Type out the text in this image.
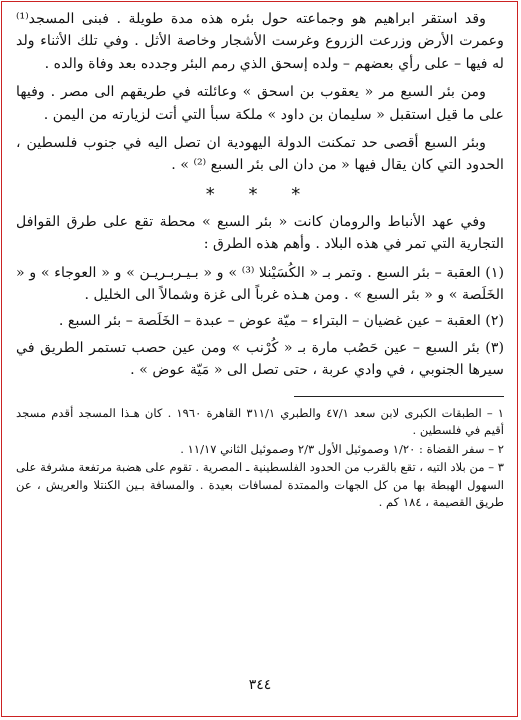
وقد استقر ابراهيم هو وجماعته حول بئره هذه مدة طويلة . فبنى المسجد⁽¹⁾ وعمرت الأرض وزرعت الزروع وغرست الأشجار وخاصة الأثل . وفي تلك الأثناء ولد له فيها – على رأي بعضهم – ولده إسحق الذي رمم البئر وجدده بعد وفاة والده .

ومن بئر السبع مر « يعقوب بن اسحق » وعائلته في طريقهم الى مصر . وفيها على ما قيل استقبل « سليمان بن داود » ملكة سبأ التي أتت لزيارته من اليمن .

وبئر السبع أقصى حد تمكنت الدولة اليهودية ان تصل اليه في جنوب فلسطين ، الحدود التي كان يقال فيها « من دان الى بئر السبع ⁽²⁾ » .

* * *

وفي عهد الأنباط والرومان كانت « بئر السبع » محطة تقع على طرق القوافل التجارية التي تمر في هذه البلاد . وأهم هذه الطرق :

(١) العقبة – بئر السبع . وتمر بـ « الكُسَيْنلا ⁽³⁾ » و « بـيـربـريـن » و « العوجاء » و « الخَلَصة » و « بئر السبع » . ومن هـذه غرباً الى غزة وشمالاً الى الخليل .

(٢) العقبة – عين غضيان – البتراء – ميّة عوض – عبدة – الخَلَصة – بئر السبع .

(٣) بئر السبع – عين حَصُب مارة بـ « كُرْنب » ومن عين حصب تستمر الطريق في سيرها الجنوبي ، في وادي عربة ، حتى تصل الى « مَيّة عوض » .

١ – الطبقات الكبرى لابن سعد ٤٧/١ والطبري ٣١١/١ القاهرة ١٩٦٠ . كان هـذا المسجد أقدم مسجد أقيم في فلسطين .

٢ – سفر القضاة : ١/٢٠ وصموئيل الأول ٢/٣ وصموئيل الثاني ١١/١٧ .

٣ – من بلاد التيه ، تقع بالقرب من الحدود الفلسطينية ـ المصرية . تقوم على هضبة مرتفعة مشرفة على السهول الهبطة بها من كل الجهات والممتدة لمسافات بعيدة . والمسافة بـين الكنتلا والعريش ، عن طريق القصيمة ، ١٨٤ كم .

٣٤٤
